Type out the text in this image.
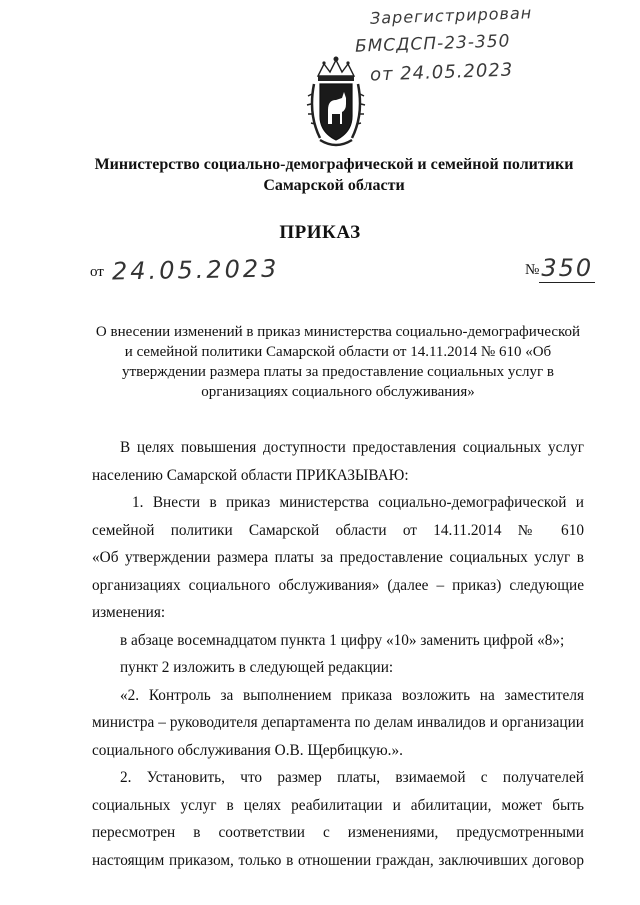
Зарегистрирован
БМСДСП-23-350
от 24.05.2023
Министерство социально-демографической и семейной политики
Самарской области
ПРИКАЗ
от 24.05.2023	№ 350
О внесении изменений в приказ министерства социально-демографической
и семейной политики Самарской области от 14.11.2014 № 610 «Об
утверждении размера платы за предоставление социальных услуг в
организациях социального обслуживания»

В целях повышения доступности предоставления социальных услуг

населению Самарской области ПРИКАЗЫВАЮ:

1. Внести в приказ министерства социально-демографической и

семейной политики Самарской области от 14.11.2014 № 610

«Об утверждении размера платы за предоставление социальных услуг в

организациях социального обслуживания» (далее – приказ) следующие

изменения:

в абзаце восемнадцатом пункта 1 цифру «10» заменить цифрой «8»;

пункт 2 изложить в следующей редакции:

«2. Контроль за выполнением приказа возложить на заместителя

министра – руководителя департамента по делам инвалидов и организации

социального обслуживания О.В. Щербицкую.».

2. Установить, что размер платы, взимаемой с получателей

социальных услуг в целях реабилитации и абилитации, может быть

пересмотрен в соответствии с изменениями, предусмотренными

настоящим приказом, только в отношении граждан, заключивших договор
